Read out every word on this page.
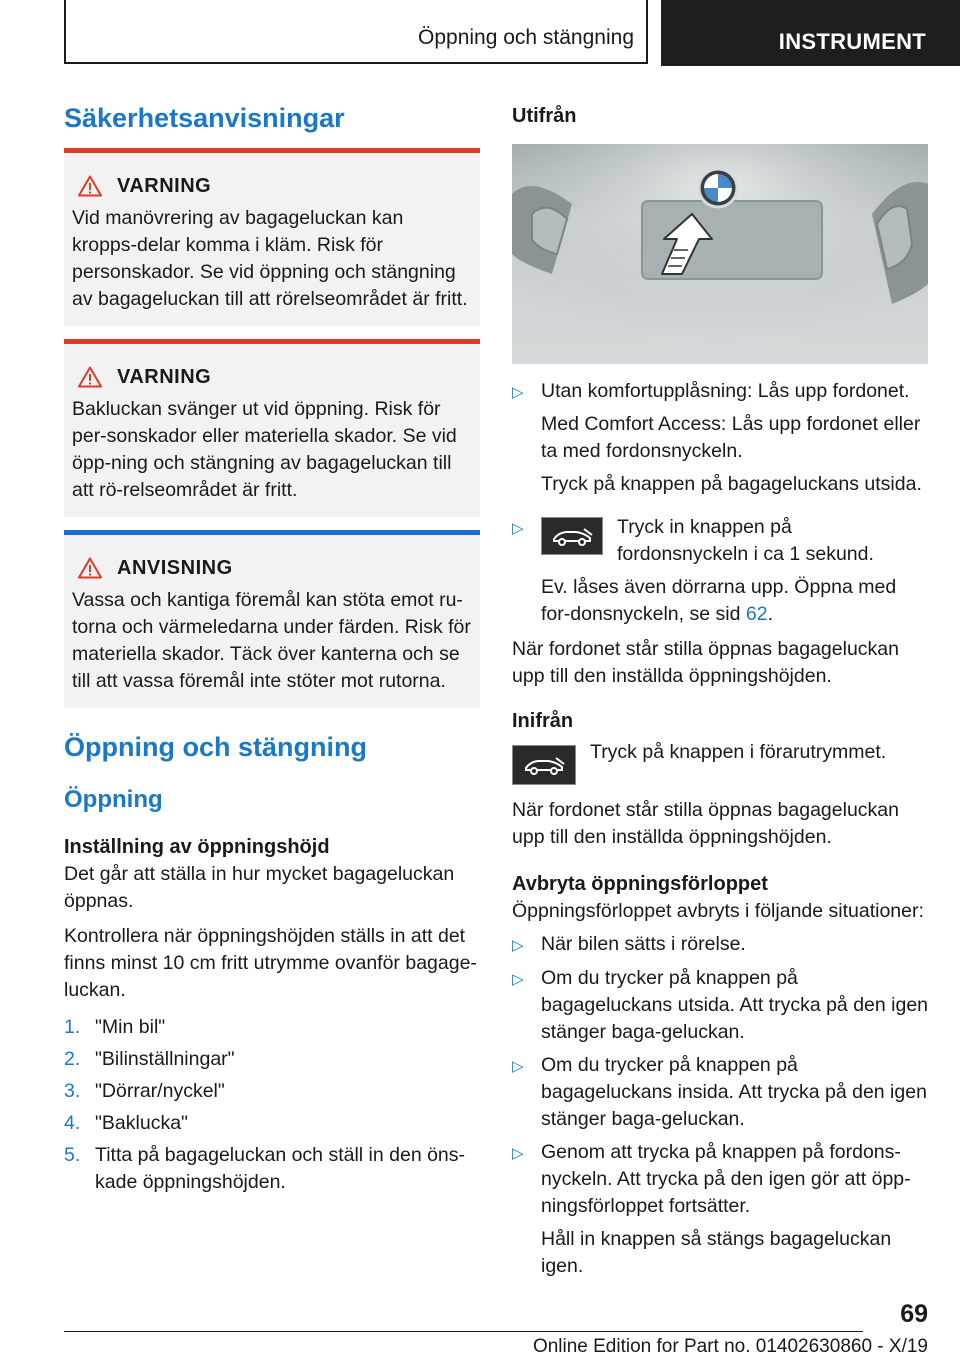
Öppning och stängning	INSTRUMENT
Säkerhetsanvisningar
VARNING

Vid manövrering av bagageluckan kan kropps-delar komma i kläm. Risk för personskador. Se vid öppning och stängning av bagageluckan till att rörelseområdet är fritt.

VARNING

Bakluckan svänger ut vid öppning. Risk för per-sonskador eller materiella skador. Se vid öpp-ning och stängning av bagageluckan till att rö-relseområdet är fritt.

ANVISNING

Vassa och kantiga föremål kan stöta emot ru-torna och värmeledarna under färden. Risk för materiella skador. Täck över kanterna och se till att vassa föremål inte stöter mot rutorna.

Öppning och stängning
Öppning
Inställning av öppningshöjd

Det går att ställa in hur mycket bagageluckan öppnas.

Kontrollera när öppningshöjden ställs in att det finns minst 10 cm fritt utrymme ovanför bagage-luckan.

1. "Min bil"
2. "Bilinställningar"
3. "Dörrar/nyckel"
4. "Baklucka"
5. Titta på bagageluckan och ställ in den öns-kade öppningshöjden.
Utifrån
▷ Utan komfortupplåsning: Lås upp fordonet.

Med Comfort Access: Lås upp fordonet eller ta med fordonsnyckeln.

Tryck på knappen på bagageluckans utsida.

▷	Tryck in knappen på fordonsnyckeln i ca 1 sekund.

Ev. låses även dörrarna upp. Öppna med for-donsnyckeln, se sid 62.

När fordonet står stilla öppnas bagageluckan upp till den inställda öppningshöjden.

Inifrån

Tryck på knappen i förarutrymmet.

När fordonet står stilla öppnas bagageluckan upp till den inställda öppningshöjden.

Avbryta öppningsförloppet

Öppningsförloppet avbryts i följande situationer:

▷ När bilen sätts i rörelse.

▷ Om du trycker på knappen på bagageluckans utsida. Att trycka på den igen stänger baga-geluckan.

▷ Om du trycker på knappen på bagageluckans insida. Att trycka på den igen stänger baga-geluckan.

▷ Genom att trycka på knappen på fordons-nyckeln. Att trycka på den igen gör att öpp-ningsförloppet fortsätter.

Håll in knappen så stängs bagageluckan igen.

69
Online Edition for Part no. 01402630860 - X/19
